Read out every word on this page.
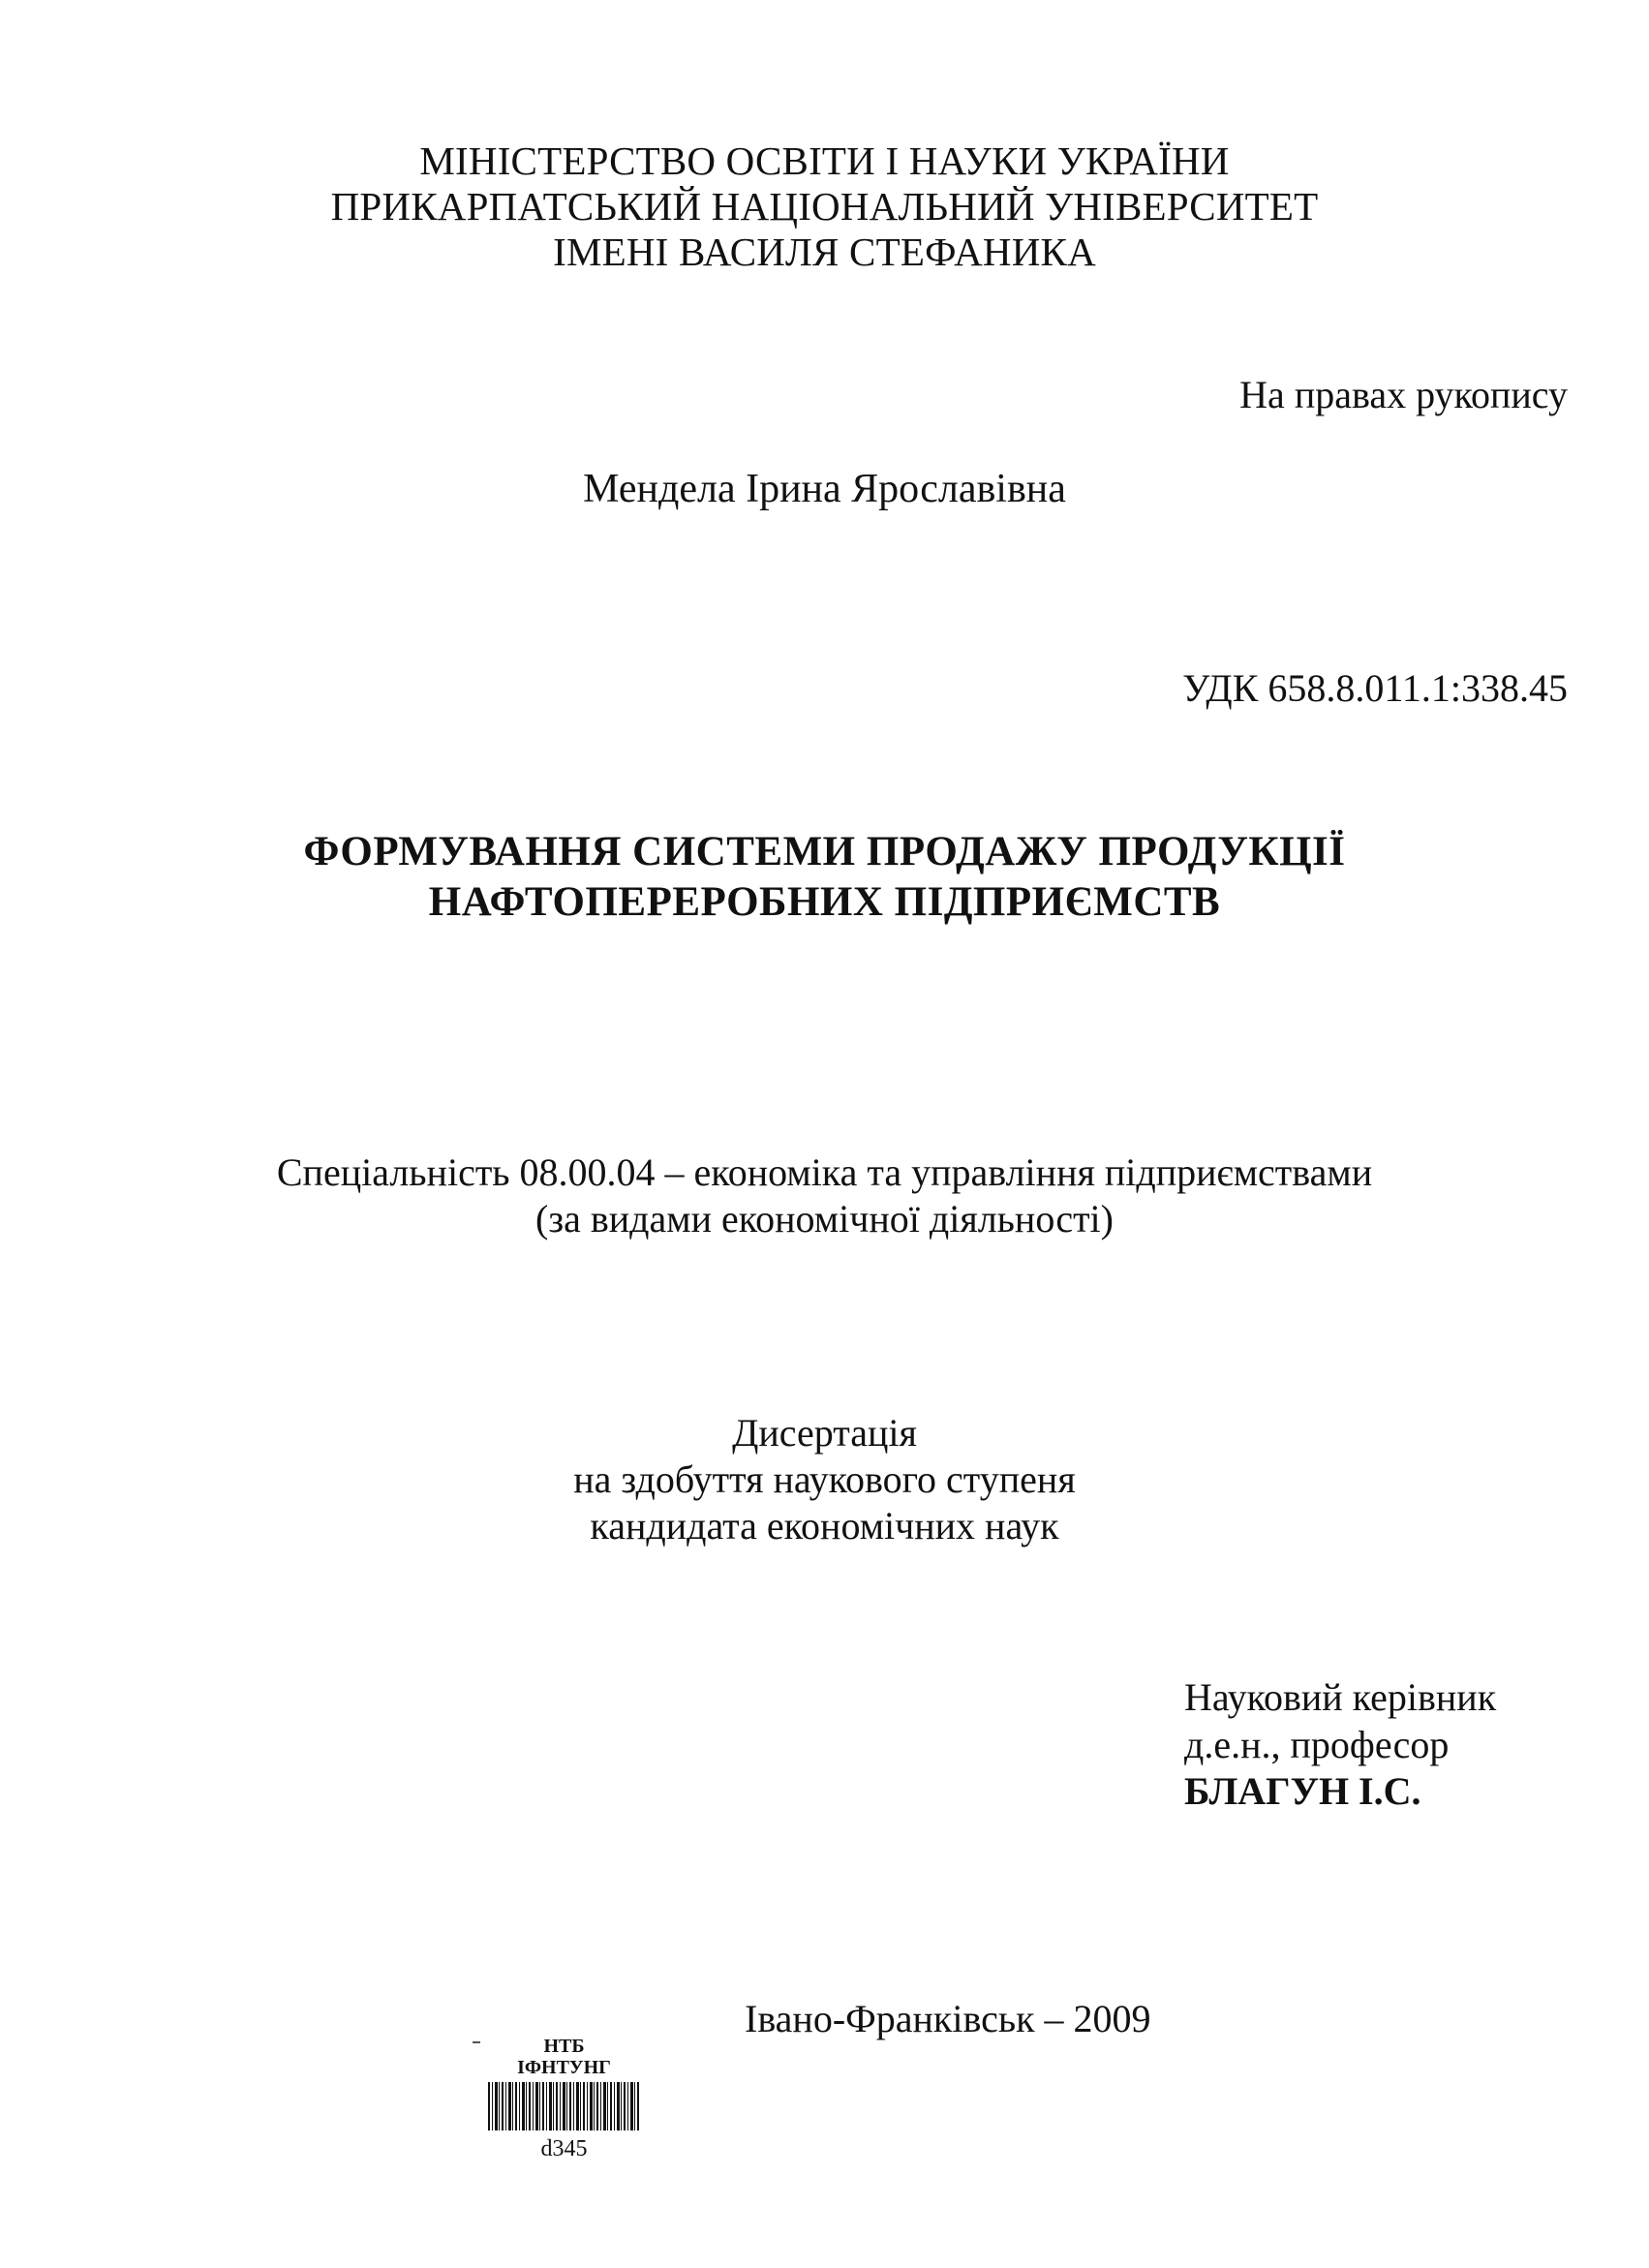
МІНІСТЕРСТВО ОСВІТИ І НАУКИ УКРАЇНИ
ПРИКАРПАТСЬКИЙ НАЦІОНАЛЬНИЙ УНІВЕРСИТЕТ
ІМЕНІ ВАСИЛЯ СТЕФАНИКА
На правах рукопису
Мендела Ірина Ярославівна
УДК 658.8.011.1:338.45
ФОРМУВАННЯ СИСТЕМИ ПРОДАЖУ ПРОДУКЦІЇ
НАФТОПЕРЕРОБНИХ ПІДПРИЄМСТВ
Спеціальність 08.00.04 – економіка та управління підприємствами
(за видами економічної діяльності)
Дисертація
на здобуття наукового ступеня
кандидата економічних наук
Науковий керівник
д.е.н., професор
БЛАГУН І.С.
Івано-Франківськ – 2009
НТБ
ІФНТУНГ
d345
